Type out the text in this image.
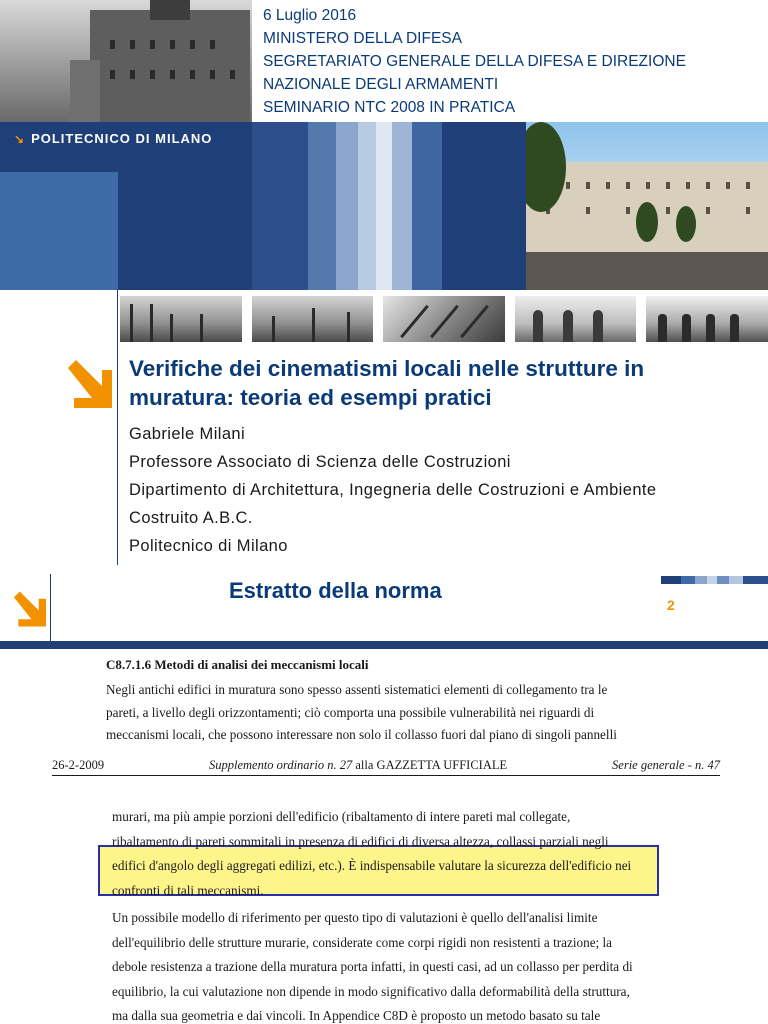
6 Luglio 2016
MINISTERO DELLA DIFESA
SEGRETARIATO GENERALE DELLA DIFESA E DIREZIONE
NAZIONALE DEGLI ARMAMENTI
SEMINARIO NTC 2008 IN PRATICA
↘ POLITECNICO DI MILANO
Verifiche dei cinematismi locali nelle strutture in
muratura: teoria ed esempi pratici
Gabriele Milani
Professore Associato di Scienza delle Costruzioni
Dipartimento di Architettura, Ingegneria delle Costruzioni e Ambiente
Costruito A.B.C.
Politecnico di Milano
Estratto della norma
2
C8.7.1.6 Metodi di analisi dei meccanismi locali
Negli antichi edifici in muratura sono spesso assenti sistematici elementi di collegamento tra le
pareti, a livello degli orizzontamenti; ciò comporta una possibile vulnerabilità nei riguardi di
meccanismi locali, che possono interessare non solo il collasso fuori dal piano di singoli pannelli
26-2-2009	Supplemento ordinario n. 27 alla GAZZETTA UFFICIALE	Serie generale - n. 47
murari, ma più ampie porzioni dell'edificio (ribaltamento di intere pareti mal collegate,
ribaltamento di pareti sommitali in presenza di edifici di diversa altezza, collassi parziali negli
edifici d'angolo degli aggregati edilizi, etc.). È indispensabile valutare la sicurezza dell'edificio nei
confronti di tali meccanismi.
Un possibile modello di riferimento per questo tipo di valutazioni è quello dell'analisi limite
dell'equilibrio delle strutture murarie, considerate come corpi rigidi non resistenti a trazione; la
debole resistenza a trazione della muratura porta infatti, in questi casi, ad un collasso per perdita di
equilibrio, la cui valutazione non dipende in modo significativo dalla deformabilità della struttura,
ma dalla sua geometria e dai vincoli. In Appendice C8D è proposto un metodo basato su tale
